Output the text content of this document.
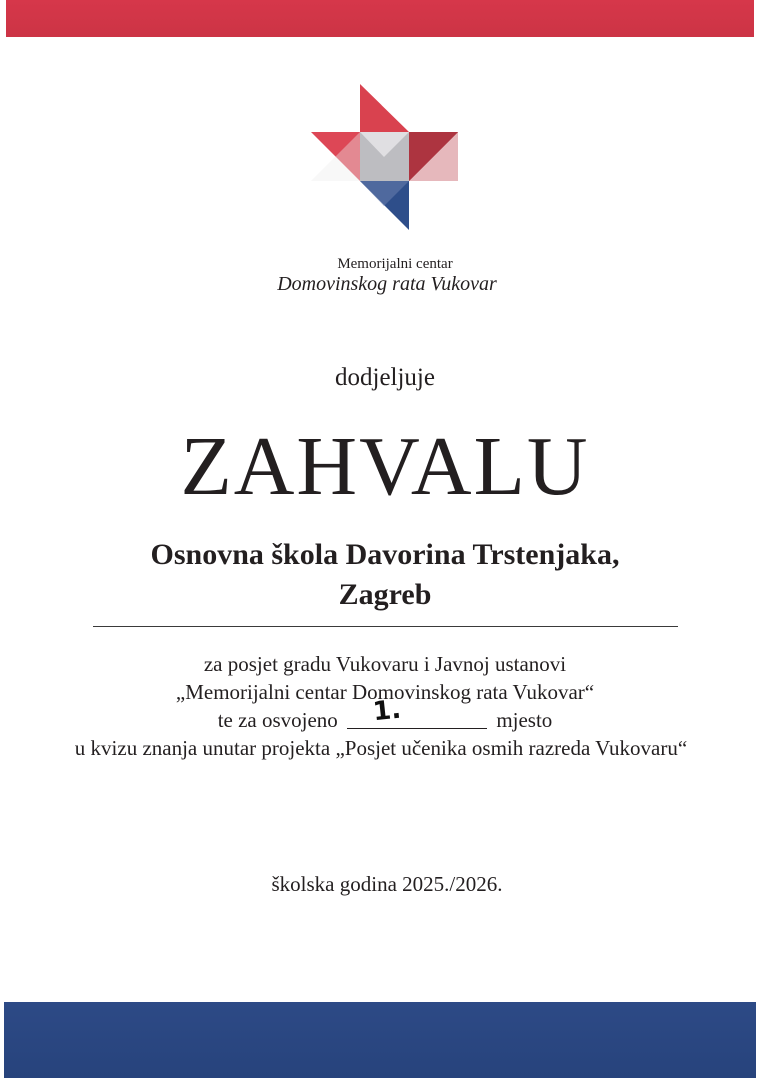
Memorijalni centar
Domovinskog rata Vukovar
dodjeljuje
ZAHVALU
Osnovna škola Davorina Trstenjaka,
Zagreb
za posjet gradu Vukovaru i Javnoj ustanovi
„Memorijalni centar Domovinskog rata Vukovar“
te za osvojeno 1.	mjesto
u kvizu znanja unutar projekta „Posjet učenika osmih razreda Vukovaru“
školska godina 2025./2026.
